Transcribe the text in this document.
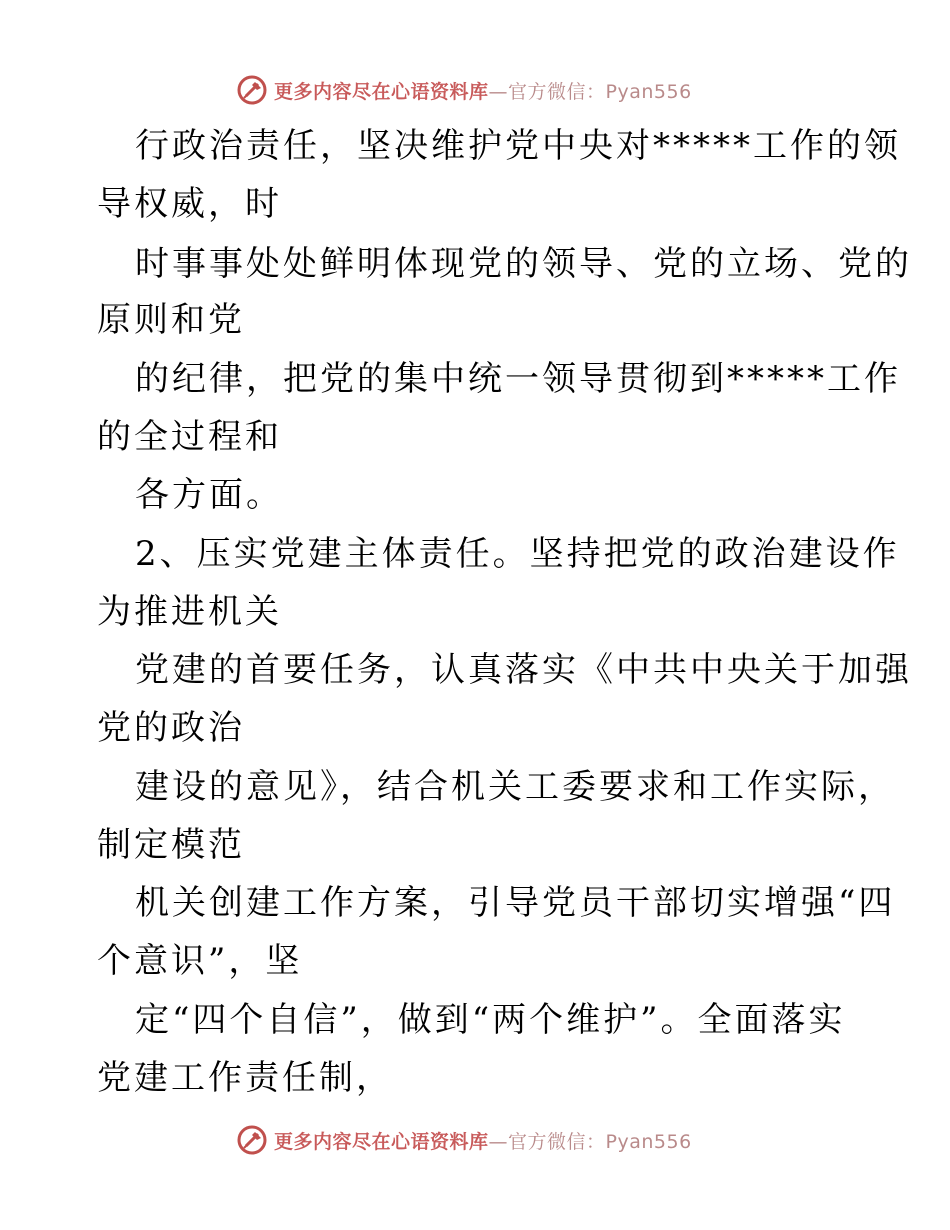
更多内容尽在心语资料库—官方微信：Pyan556
行政治责任，坚决维护党中央对*****工作的领
导权威，时
时事事处处鲜明体现党的领导、党的立场、党的
原则和党
的纪律，把党的集中统一领导贯彻到*****工作
的全过程和
各方面。
2、压实党建主体责任。坚持把党的政治建设作
为推进机关
党建的首要任务，认真落实《中共中央关于加强
党的政治
建设的意见》，结合机关工委要求和工作实际，
制定模范
机关创建工作方案，引导党员干部切实增强“四
个意识”，坚
定“四个自信”，做到“两个维护”。全面落实
党建工作责任制，
更多内容尽在心语资料库—官方微信：Pyan556
